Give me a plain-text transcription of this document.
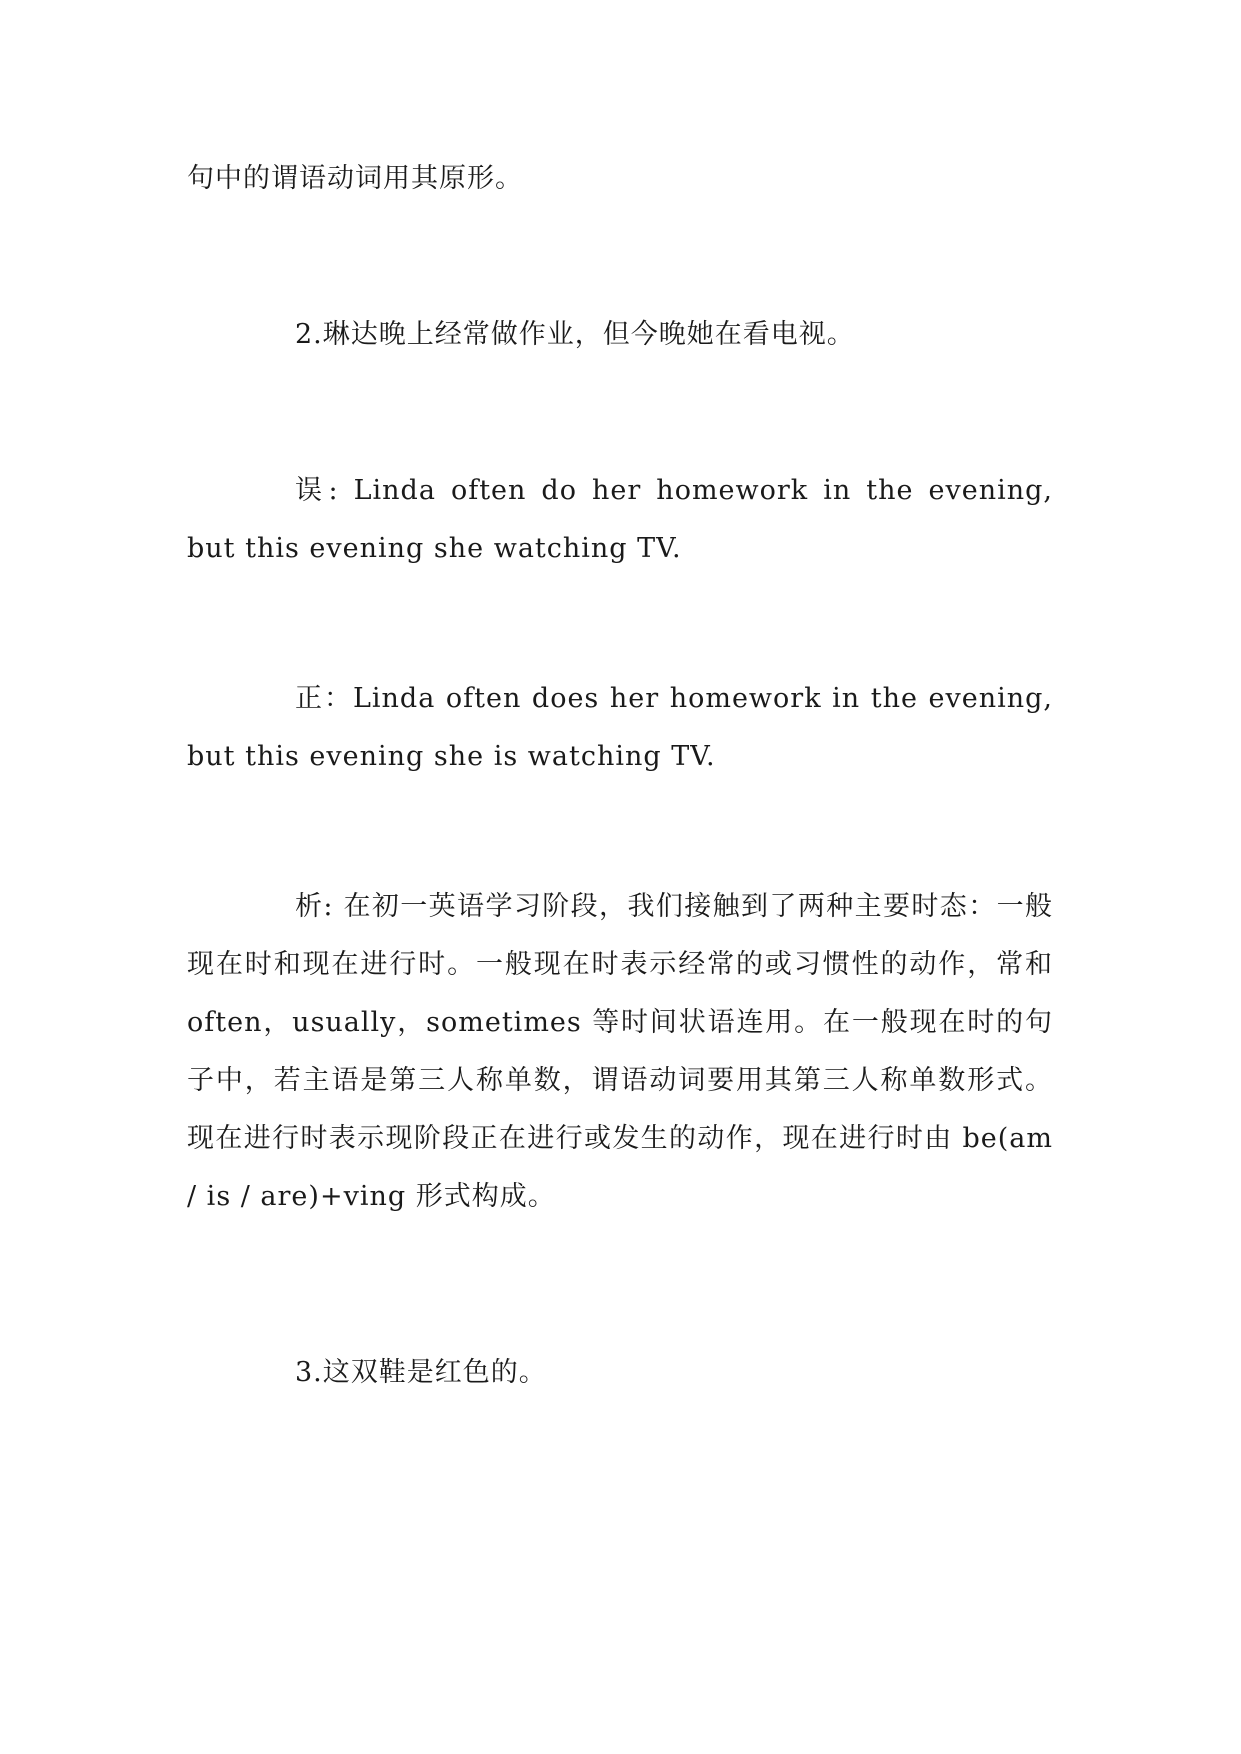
句中的谓语动词用其原形。

2.琳达晚上经常做作业，但今晚她在看电视。

误: Linda often do her homework in the evening, but this evening she watching TV.

正：Linda often does her homework in the evening, but this evening she is watching TV.

析: 在初一英语学习阶段，我们接触到了两种主要时态：一般现在时和现在进行时。一般现在时表示经常的或习惯性的动作，常和 often，usually，sometimes 等时间状语连用。在一般现在时的句子中，若主语是第三人称单数，谓语动词要用其第三人称单数形式。现在进行时表示现阶段正在进行或发生的动作，现在进行时由 be(am / is / are)+ving 形式构成。

3.这双鞋是红色的。
